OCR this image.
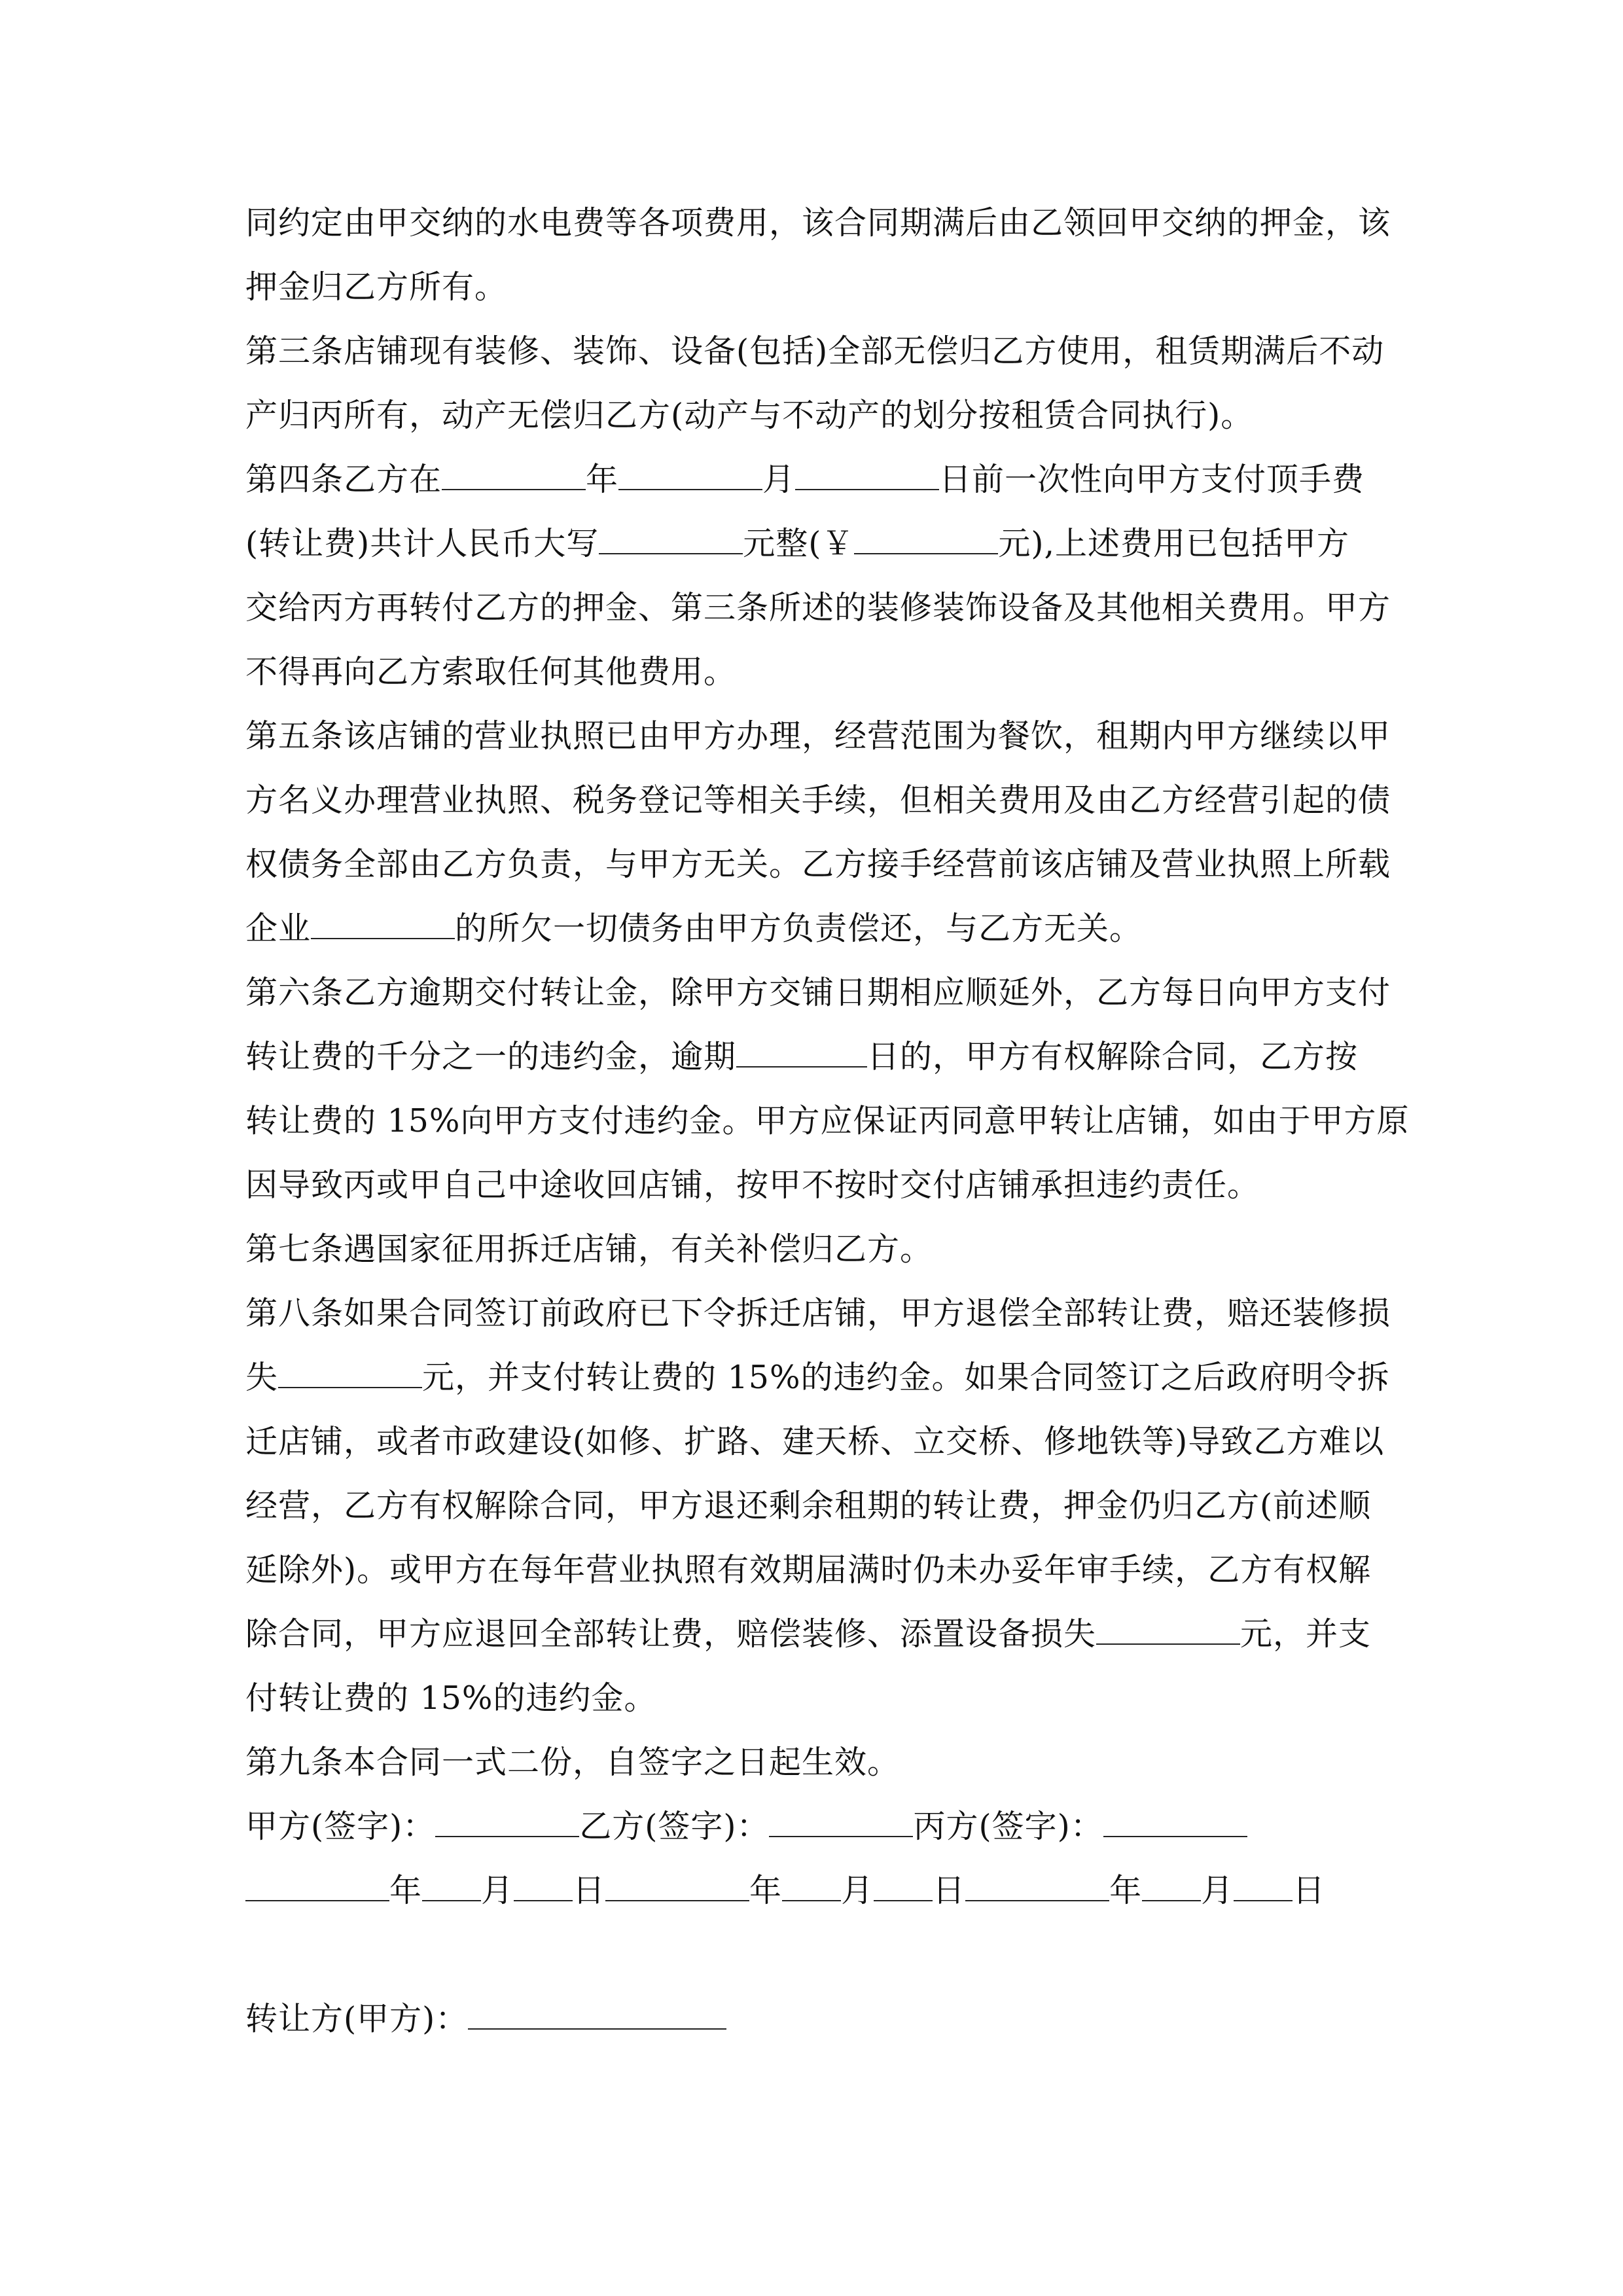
同约定由甲交纳的水电费等各项费用，该合同期满后由乙领回甲交纳的押金，该
押金归乙方所有。
第三条店铺现有装修、装饰、设备(包括)全部无偿归乙方使用，租赁期满后不动
产归丙所有，动产无偿归乙方(动产与不动产的划分按租赁合同执行)。
第四条乙方在	年	月	日前一次性向甲方支付顶手费
(转让费)共计人民币大写	元整(￥	元),上述费用已包括甲方
交给丙方再转付乙方的押金、第三条所述的装修装饰设备及其他相关费用。甲方
不得再向乙方索取任何其他费用。
第五条该店铺的营业执照已由甲方办理，经营范围为餐饮，租期内甲方继续以甲
方名义办理营业执照、税务登记等相关手续，但相关费用及由乙方经营引起的债
权债务全部由乙方负责，与甲方无关。乙方接手经营前该店铺及营业执照上所载
企业	的所欠一切债务由甲方负责偿还，与乙方无关。
第六条乙方逾期交付转让金，除甲方交铺日期相应顺延外，乙方每日向甲方支付
转让费的千分之一的违约金，逾期	日的，甲方有权解除合同，乙方按
转让费的 15%向甲方支付违约金。甲方应保证丙同意甲转让店铺，如由于甲方原
因导致丙或甲自己中途收回店铺，按甲不按时交付店铺承担违约责任。
第七条遇国家征用拆迁店铺，有关补偿归乙方。
第八条如果合同签订前政府已下令拆迁店铺，甲方退偿全部转让费，赔还装修损
失	元，并支付转让费的 15%的违约金。如果合同签订之后政府明令拆
迁店铺，或者市政建设(如修、扩路、建天桥、立交桥、修地铁等)导致乙方难以
经营，乙方有权解除合同，甲方退还剩余租期的转让费，押金仍归乙方(前述顺
延除外)。或甲方在每年营业执照有效期届满时仍未办妥年审手续，乙方有权解
除合同，甲方应退回全部转让费，赔偿装修、添置设备损失	元，并支
付转让费的 15%的违约金。
第九条本合同一式二份，自签字之日起生效。
甲方(签字)：	乙方(签字)：	丙方(签字)：
年 月 日	年 月 日	年 月 日
转让方(甲方)：
